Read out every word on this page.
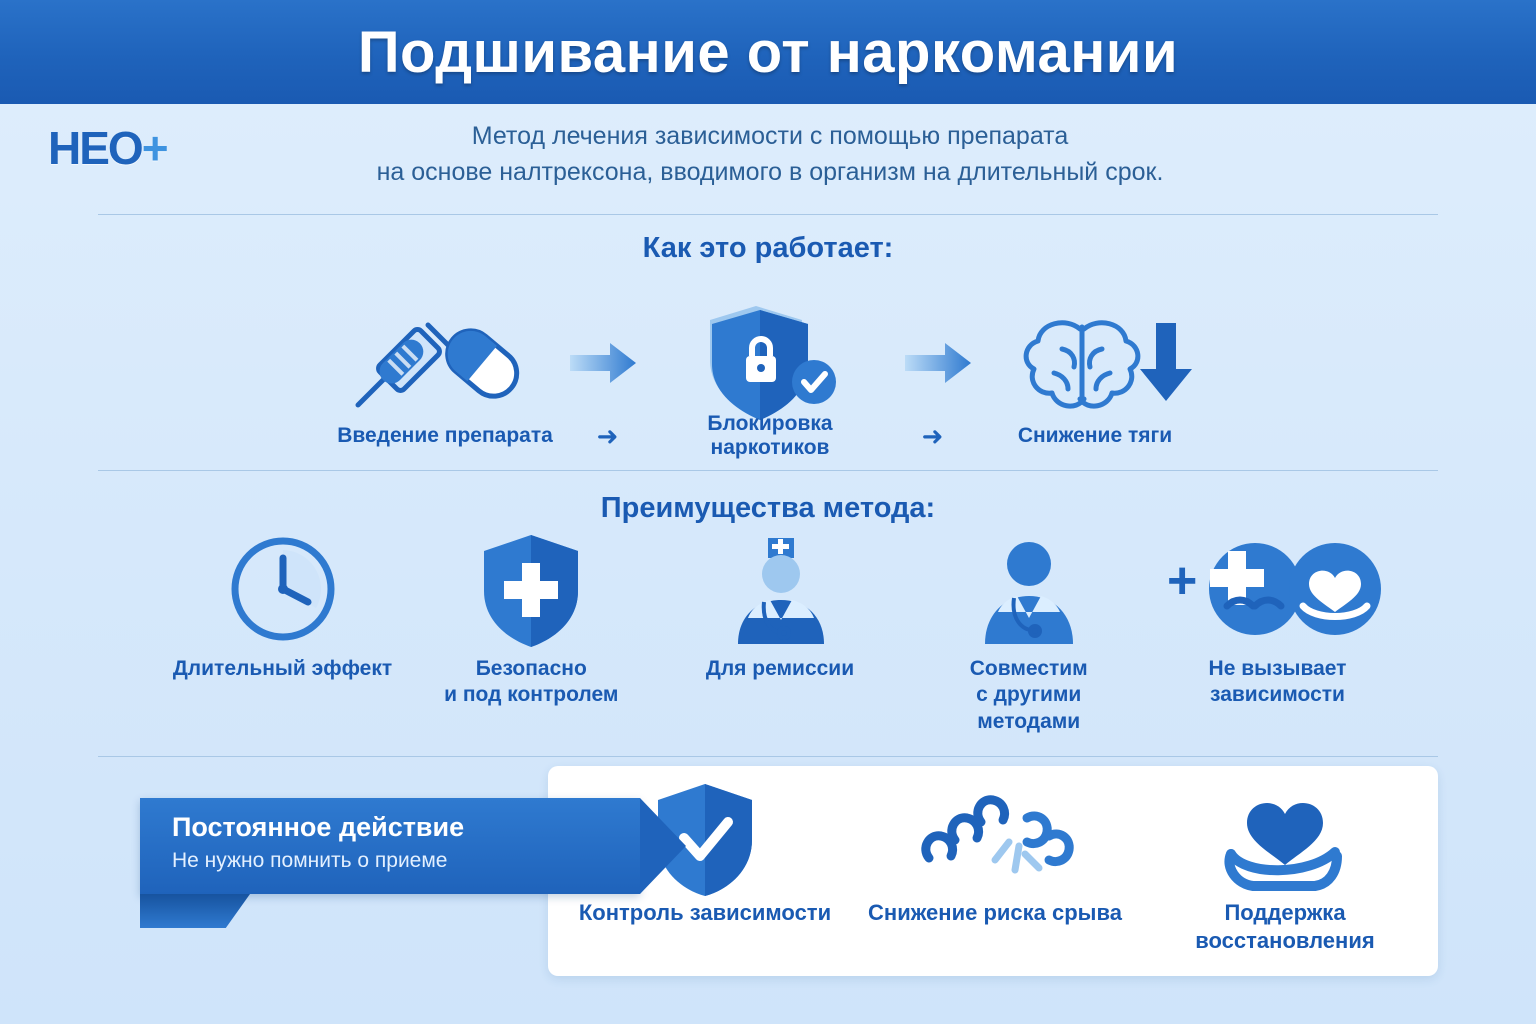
Подшивание от наркомании
HEO+	Метод лечения зависимости с помощью препарата
на основе налтрексона, вводимого в организм на длительный срок.
Как это работает:
Введение препарата	➜	Блокировка наркотиков	➜	Снижение тяги
Преимущества метода:
Длительный эффект	Безопасно
и под контролем
Для ремиссии	Совместим
с другими
методами
+
Не вызывает
зависимости
Контроль зависимости Снижение риска срыва	Поддержка
восстановления
Постоянное действие
Не нужно помнить о приеме
